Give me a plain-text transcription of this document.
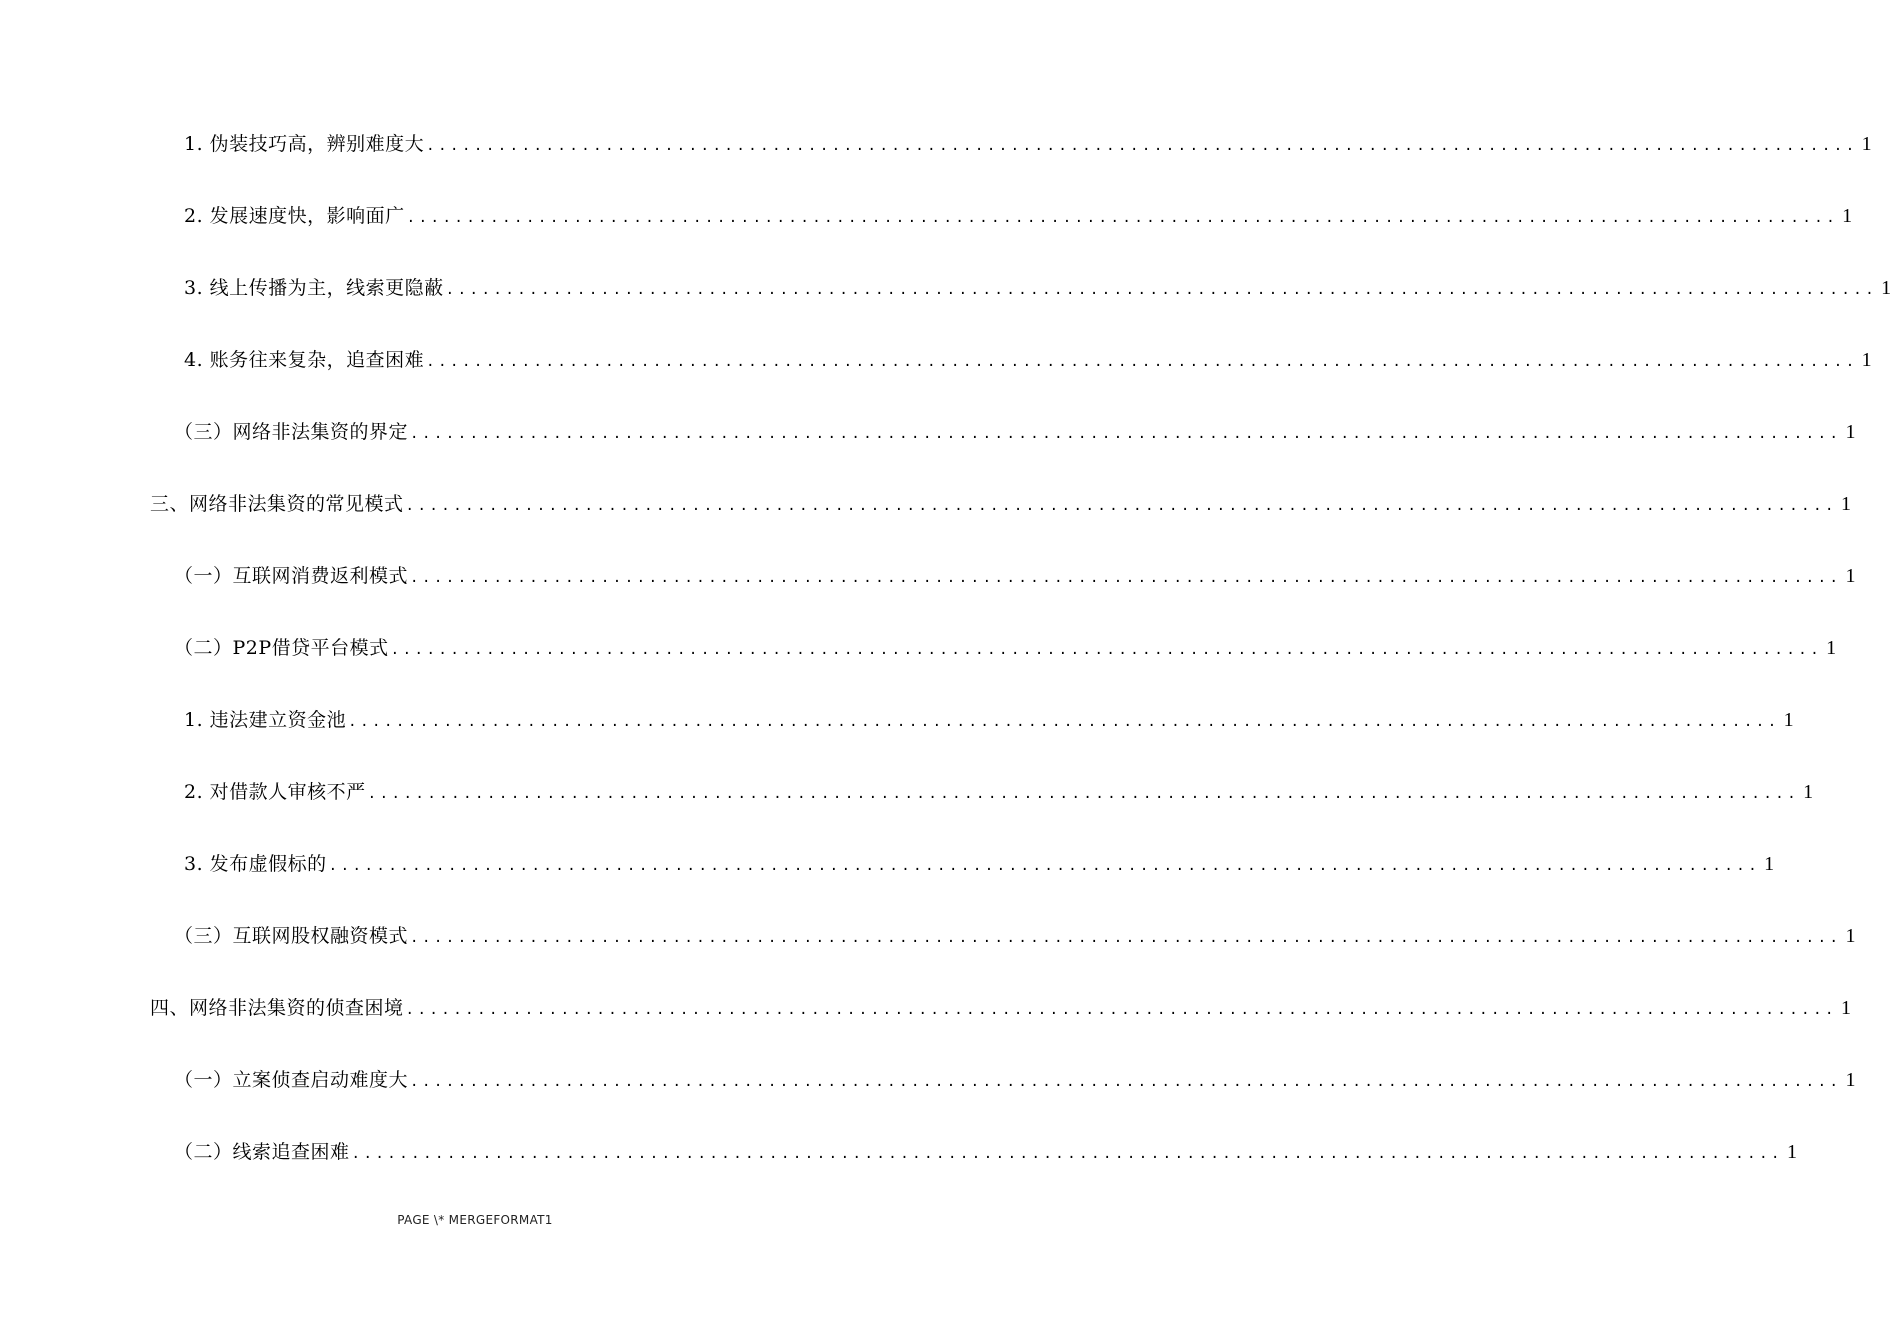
1. 伪装技巧高，辨别难度大 ........................................................................................................................ 1
2. 发展速度快，影响面广 ........................................................................................................................ 1
3. 线上传播为主，线索更隐蔽 ........................................................................................................................ 1
4. 账务往来复杂，追查困难 ........................................................................................................................ 1
（三）网络非法集资的界定 ........................................................................................................................ 1
三、网络非法集资的常见模式 ........................................................................................................................ 1
（一）互联网消费返利模式 ........................................................................................................................ 1
（二）P2P借贷平台模式 ........................................................................................................................ 1
1. 违法建立资金池 ........................................................................................................................ 1
2. 对借款人审核不严 ........................................................................................................................ 1
3. 发布虚假标的 ........................................................................................................................ 1
（三）互联网股权融资模式 ........................................................................................................................ 1
四、网络非法集资的侦查困境 ........................................................................................................................ 1
（一）立案侦查启动难度大 ........................................................................................................................ 1
（二）线索追查困难 ........................................................................................................................ 1
PAGE \* MERGEFORMAT1
